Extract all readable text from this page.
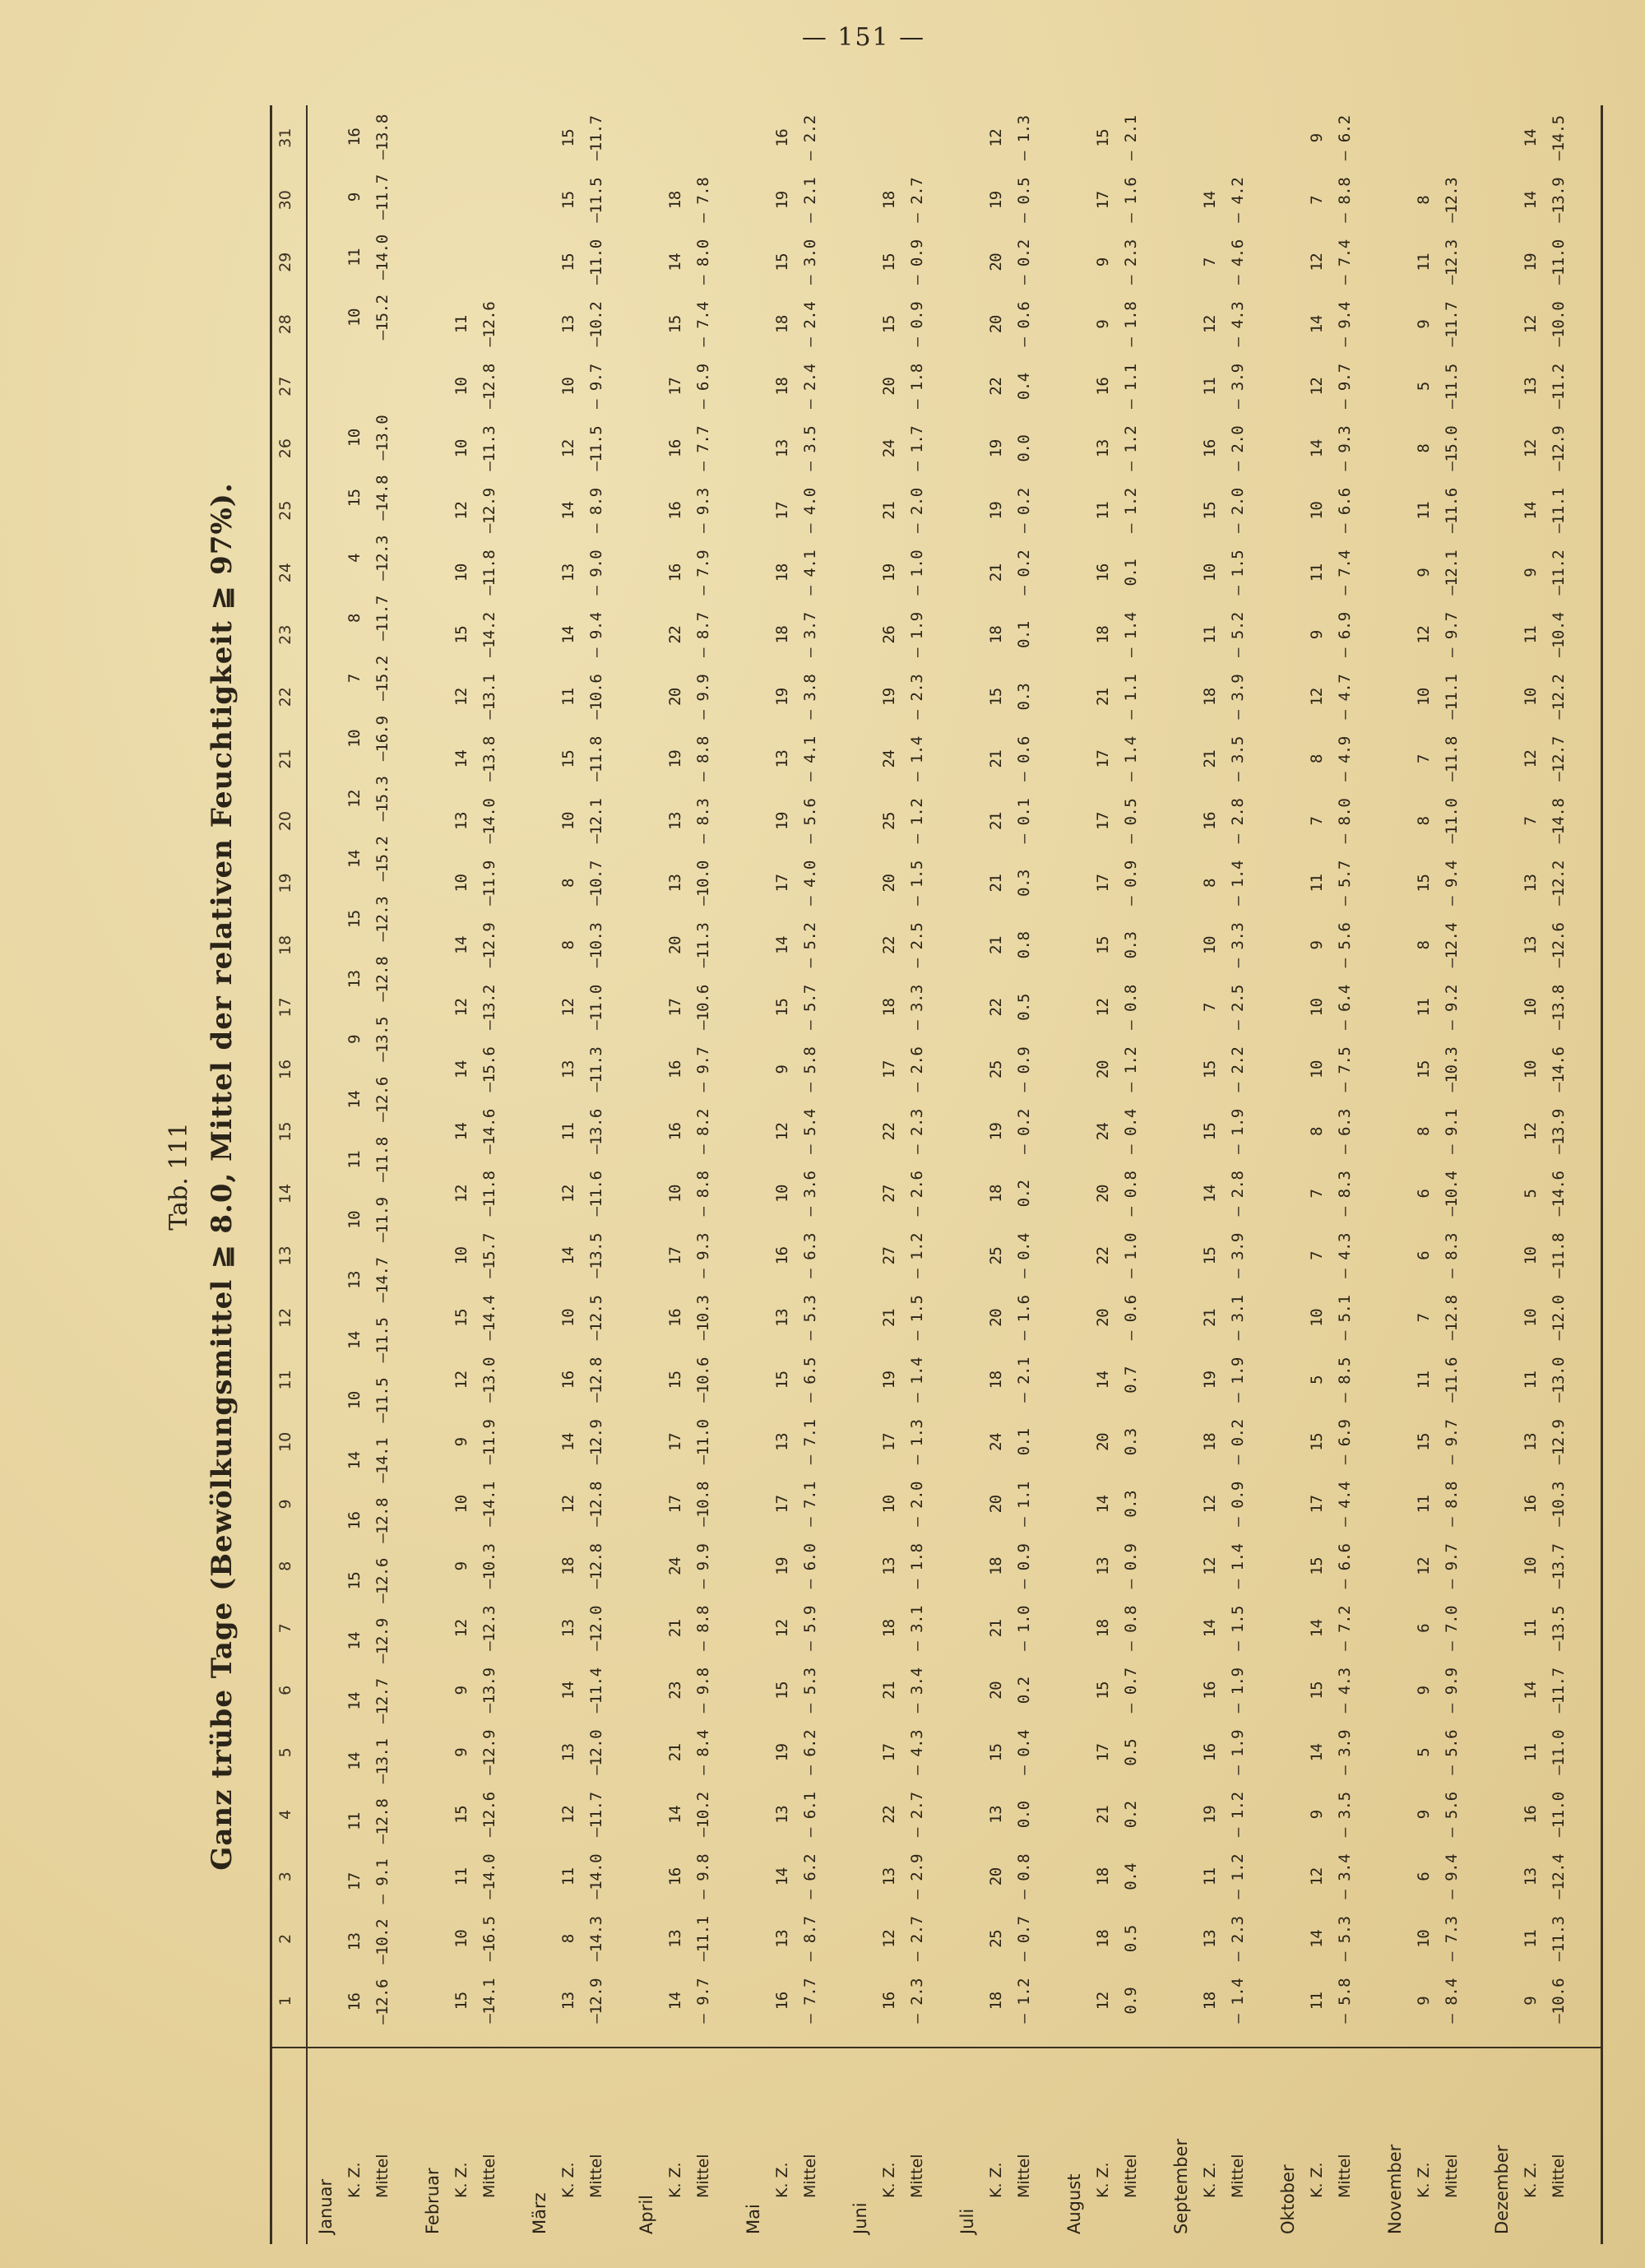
— 151 —
Tab. 111 Ganz trübe Tage (Bewölkungsmittel ≧ 8.0, Mittel der relativen Feuchtigkeit ≧ 97%).
1
2
3
4
5
6
7
8
9
10
11
12
13
14
15
16
17
18
19
20
21
22
23
24
25
26
27
28
29
30
31
Januar K. Z. Mittel
16
13
17
11
14
14
14
15
16
14
10
14
13
10
11
14
9
13
15
14
12
10
7
8
4
15
10
10
11
9
16
—12.6
—10.2
— 9.1
—12.8
—13.1
—12.7
—12.9
—12.6
—12.8
—14.1
—11.5
—11.5
—14.7
—11.9
—11.8
—12.6
—13.5
—12.8
—12.3
—15.2
—15.3
—16.9
—15.2
—11.7
—12.3
—14.8
—13.0
—15.2
—14.0
—11.7
—13.8
Februar K. Z. Mittel
15
10
11
15
9
9
12
9
10
9
12
15
10
12
14
14
12
14
10
13
14
12
15
10
12
10
10
11
—14.1
—16.5
—14.0
—12.6
—12.9
—13.9
—12.3
—10.3
—14.1
—11.9
—13.0
—14.4
—15.7
—11.8
—14.6
—15.6
—13.2
—12.9
—11.9
—14.0
—13.8
—13.1
—14.2
—11.8
—12.9
—11.3
—12.8
—12.6
März
K. Z. Mittel
13
8
11
12
13
14
13
18
12
14
16
10
14
12
11
13
12
8
8
10
15
11
14
13
14
12
10
13
15
15
15
—12.9
—14.3
—14.0
—11.7
—12.0
—11.4
—12.0
—12.8
—12.8
—12.9
—12.8
—12.5
—13.5
—11.6
—13.6
—11.3
—11.0
—10.3
—10.7
—12.1
—11.8
—10.6
— 9.4
— 9.0
— 8.9
—11.5
— 9.7
—10.2
—11.0
—11.5
—11.7
April
K. Z. Mittel
14
13
16
14
21
23
21
24
17
17
15
16
17
10
16
16
17
20
13
13
19
20
22
16
16
16
17
15
14
18
— 9.7
—11.1
— 9.8
—10.2
— 8.4
— 9.8
— 8.8
— 9.9
—10.8
—11.0
—10.6
—10.3
— 9.3
— 8.8
— 8.2
— 9.7
—10.6
—11.3
—10.0
— 8.3
— 8.8
— 9.9
— 8.7
— 7.9
— 9.3
— 7.7
— 6.9
— 7.4
— 8.0
— 7.8
Mai
K. Z. Mittel
16
13
14
13
19
15
12
19
17
13
15
13
16
10
12
9
15
14
17
19
13
19
18
18
17
13
18
18
15
19
16
— 7.7
— 8.7
— 6.2
— 6.1
— 6.2
— 5.3
— 5.9
— 6.0
— 7.1
— 7.1
— 6.5
— 5.3
— 6.3
— 3.6
— 5.4
— 5.8
— 5.7
— 5.2
— 4.0
— 5.6
— 4.1
— 3.8
— 3.7
— 4.1
— 4.0
— 3.5
— 2.4
— 2.4
— 3.0
— 2.1
— 2.2
Juni
K. Z. Mittel
16
12
13
22
17
21
18
13
10
17
19
21
27
27
22
17
18
22
20
25
24
19
26
19
21
24
20
15
15
18
— 2.3
— 2.7
— 2.9
— 2.7
— 4.3
— 3.4
— 3.1
— 1.8
— 2.0
— 1.3
— 1.4
— 1.5
— 1.2
— 2.6
— 2.3
— 2.6
— 3.3
— 2.5
— 1.5
— 1.2
— 1.4
— 2.3
— 1.9
— 1.0
— 2.0
— 1.7
— 1.8
— 0.9
— 0.9
— 2.7
Juli
K. Z. Mittel
18
25
20
13
15
20
21
18
20
24
18
20
25
18
19
25
22
21
21
21
21
15
18
21
19
19
22
20
20
19
12
— 1.2
— 0.7
— 0.8
0.0
— 0.4
0.2
— 1.0
— 0.9
— 1.1
0.1
— 2.1
— 1.6
— 0.4
0.2
— 0.2
— 0.9
0.5
0.8
0.3
— 0.1
— 0.6
0.3
0.1
— 0.2
— 0.2
0.0
0.4
— 0.6
— 0.2
— 0.5
— 1.3
August K. Z. Mittel
12
18
18
21
17
15
18
13
14
20
14
20
22
20
24
20
12
15
17
17
17
21
18
16
11
13
16
9
9
17
15
0.9
0.5
0.4
0.2
0.5
— 0.7
— 0.8
— 0.9
0.3
0.3
0.7
— 0.6
— 1.0
— 0.8
— 0.4
— 1.2
— 0.8
0.3
— 0.9
— 0.5
— 1.4
— 1.1
— 1.4
0.1
— 1.2
— 1.2
— 1.1
— 1.8
— 2.3
— 1.6
— 2.1
September K. Z. Mittel
18
13
11
19
16
16
14
12
12
18
19
21
15
14
15
15
7
10
8
16
21
18
11
10
15
16
11
12
7
14
— 1.4
— 2.3
— 1.2
— 1.2
— 1.9
— 1.9
— 1.5
— 1.4
— 0.9
— 0.2
— 1.9
— 3.1
— 3.9
— 2.8
— 1.9
— 2.2
— 2.5
— 3.3
— 1.4
— 2.8
— 3.5
— 3.9
— 5.2
— 1.5
— 2.0
— 2.0
— 3.9
— 4.3
— 4.6
— 4.2
Oktober K. Z. Mittel
11
14
12
9
14
15
14
15
17
15
5
10
7
7
8
10
10
9
11
7
8
12
9
11
10
14
12
14
12
7
9
— 5.8
— 5.3
— 3.4
— 3.5
— 3.9
— 4.3
— 7.2
— 6.6
— 4.4
— 6.9
— 8.5
— 5.1
— 4.3
— 8.3
— 6.3
— 7.5
— 6.4
— 5.6
— 5.7
— 8.0
— 4.9
— 4.7
— 6.9
— 7.4
— 6.6
— 9.3
— 9.7
— 9.4
— 7.4
— 8.8
— 6.2
November K. Z. Mittel
9
10
6
9
5
9
6
12
11
15
11
7
6
6
8
15
11
8
15
8
7
10
12
9
11
8
5
9
11
8
— 8.4
— 7.3
— 9.4
— 5.6
— 5.6
— 9.9
— 7.0
— 9.7
— 8.8
— 9.7
—11.6
—12.8
— 8.3
—10.4
— 9.1
—10.3
— 9.2
—12.4
— 9.4
—11.0
—11.8
—11.1
— 9.7
—12.1
—11.6
—15.0
—11.5
—11.7
—12.3
—12.3
Dezember K. Z. Mittel
9
11
13
16
11
14
11
10
16
13
11
10
10
5
12
10
10
13
13
7
12
10
11
9
14
12
13
12
19
14
14
—10.6
—11.3
—12.4
—11.0
—11.0
—11.7
—13.5
—13.7
—10.3
—12.9
—13.0
—12.0
—11.8
—14.6
—13.9
—14.6
—13.8
—12.6
—12.2
—14.8
—12.7
—12.2
—10.4
—11.2
—11.1
—12.9
—11.2
—10.0
—11.0
—13.9
—14.5
